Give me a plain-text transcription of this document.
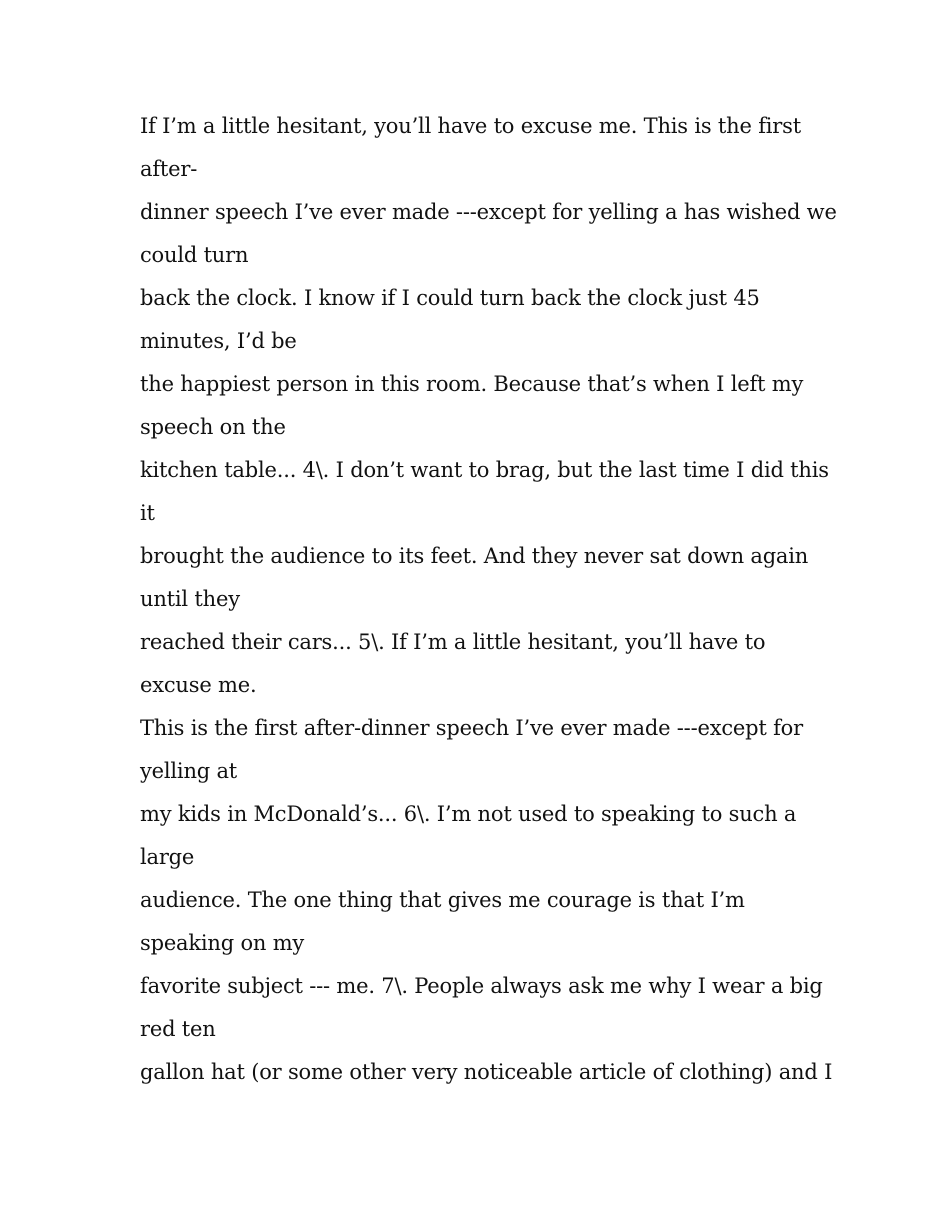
If I’m a little hesitant, you’ll have to excuse me. This is the first
after-
dinner speech I’ve ever made ---except for yelling a has wished we
could turn
back the clock. I know if I could turn back the clock just 45
minutes, I’d be
the happiest person in this room. Because that’s when I left my
speech on the
kitchen table... 4\. I don’t want to brag, but the last time I did this
it
brought the audience to its feet. And they never sat down again
until they
reached their cars... 5\. If I’m a little hesitant, you’ll have to
excuse me.
This is the first after-dinner speech I’ve ever made ---except for
yelling at
my kids in McDonald’s... 6\. I’m not used to speaking to such a
large
audience. The one thing that gives me courage is that I’m
speaking on my
favorite subject --- me. 7\. People always ask me why I wear a big
red ten
gallon hat (or some other very noticeable article of clothing) and I
